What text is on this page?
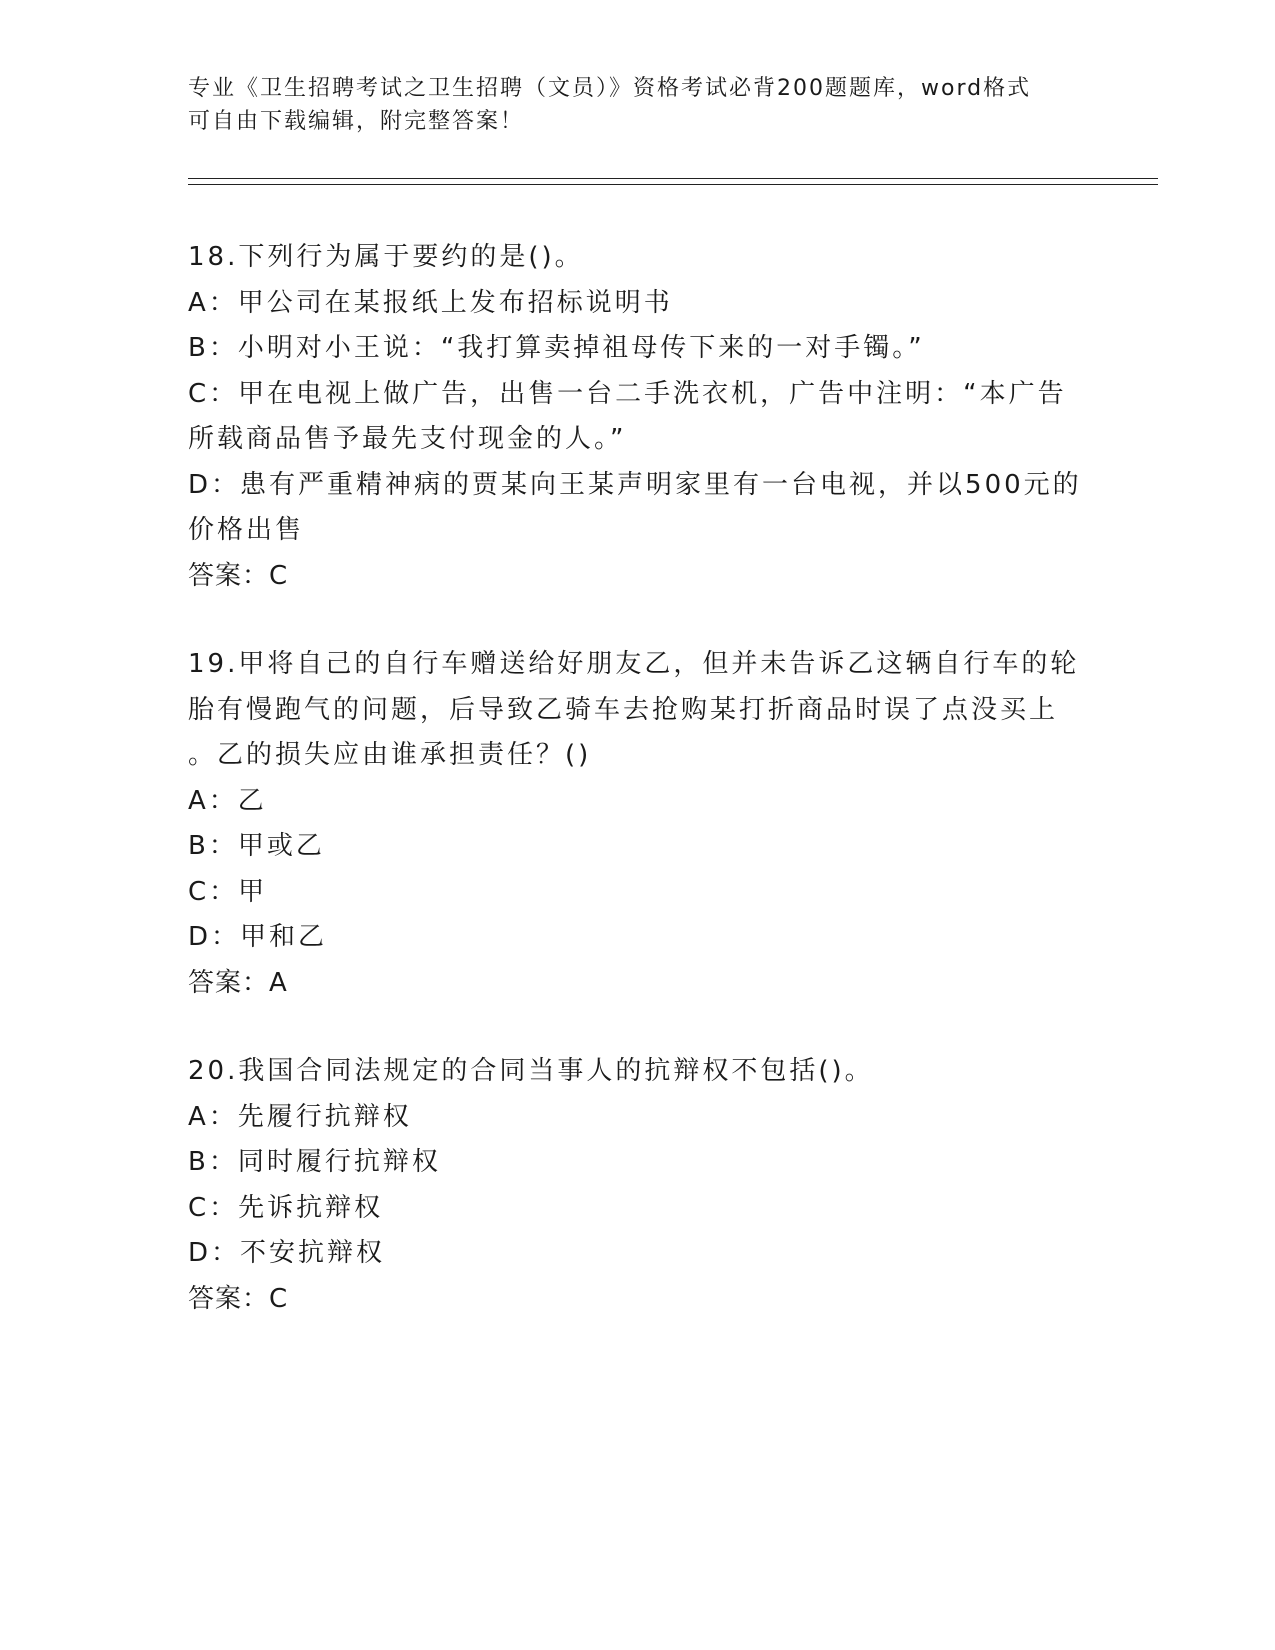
专业《卫生招聘考试之卫生招聘（文员）》资格考试必背200题题库，word格式
可自由下载编辑，附完整答案！
18.下列行为属于要约的是()。
A：甲公司在某报纸上发布招标说明书
B：小明对小王说：“我打算卖掉祖母传下来的一对手镯。”
C：甲在电视上做广告，出售一台二手洗衣机，广告中注明：“本广告
所载商品售予最先支付现金的人。”
D：患有严重精神病的贾某向王某声明家里有一台电视，并以500元的
价格出售
答案：C
19.甲将自己的自行车赠送给好朋友乙，但并未告诉乙这辆自行车的轮
胎有慢跑气的问题，后导致乙骑车去抢购某打折商品时误了点没买上
。乙的损失应由谁承担责任？()
A：乙
B：甲或乙
C：甲
D：甲和乙
答案：A
20.我国合同法规定的合同当事人的抗辩权不包括()。
A：先履行抗辩权
B：同时履行抗辩权
C：先诉抗辩权
D：不安抗辩权
答案：C
